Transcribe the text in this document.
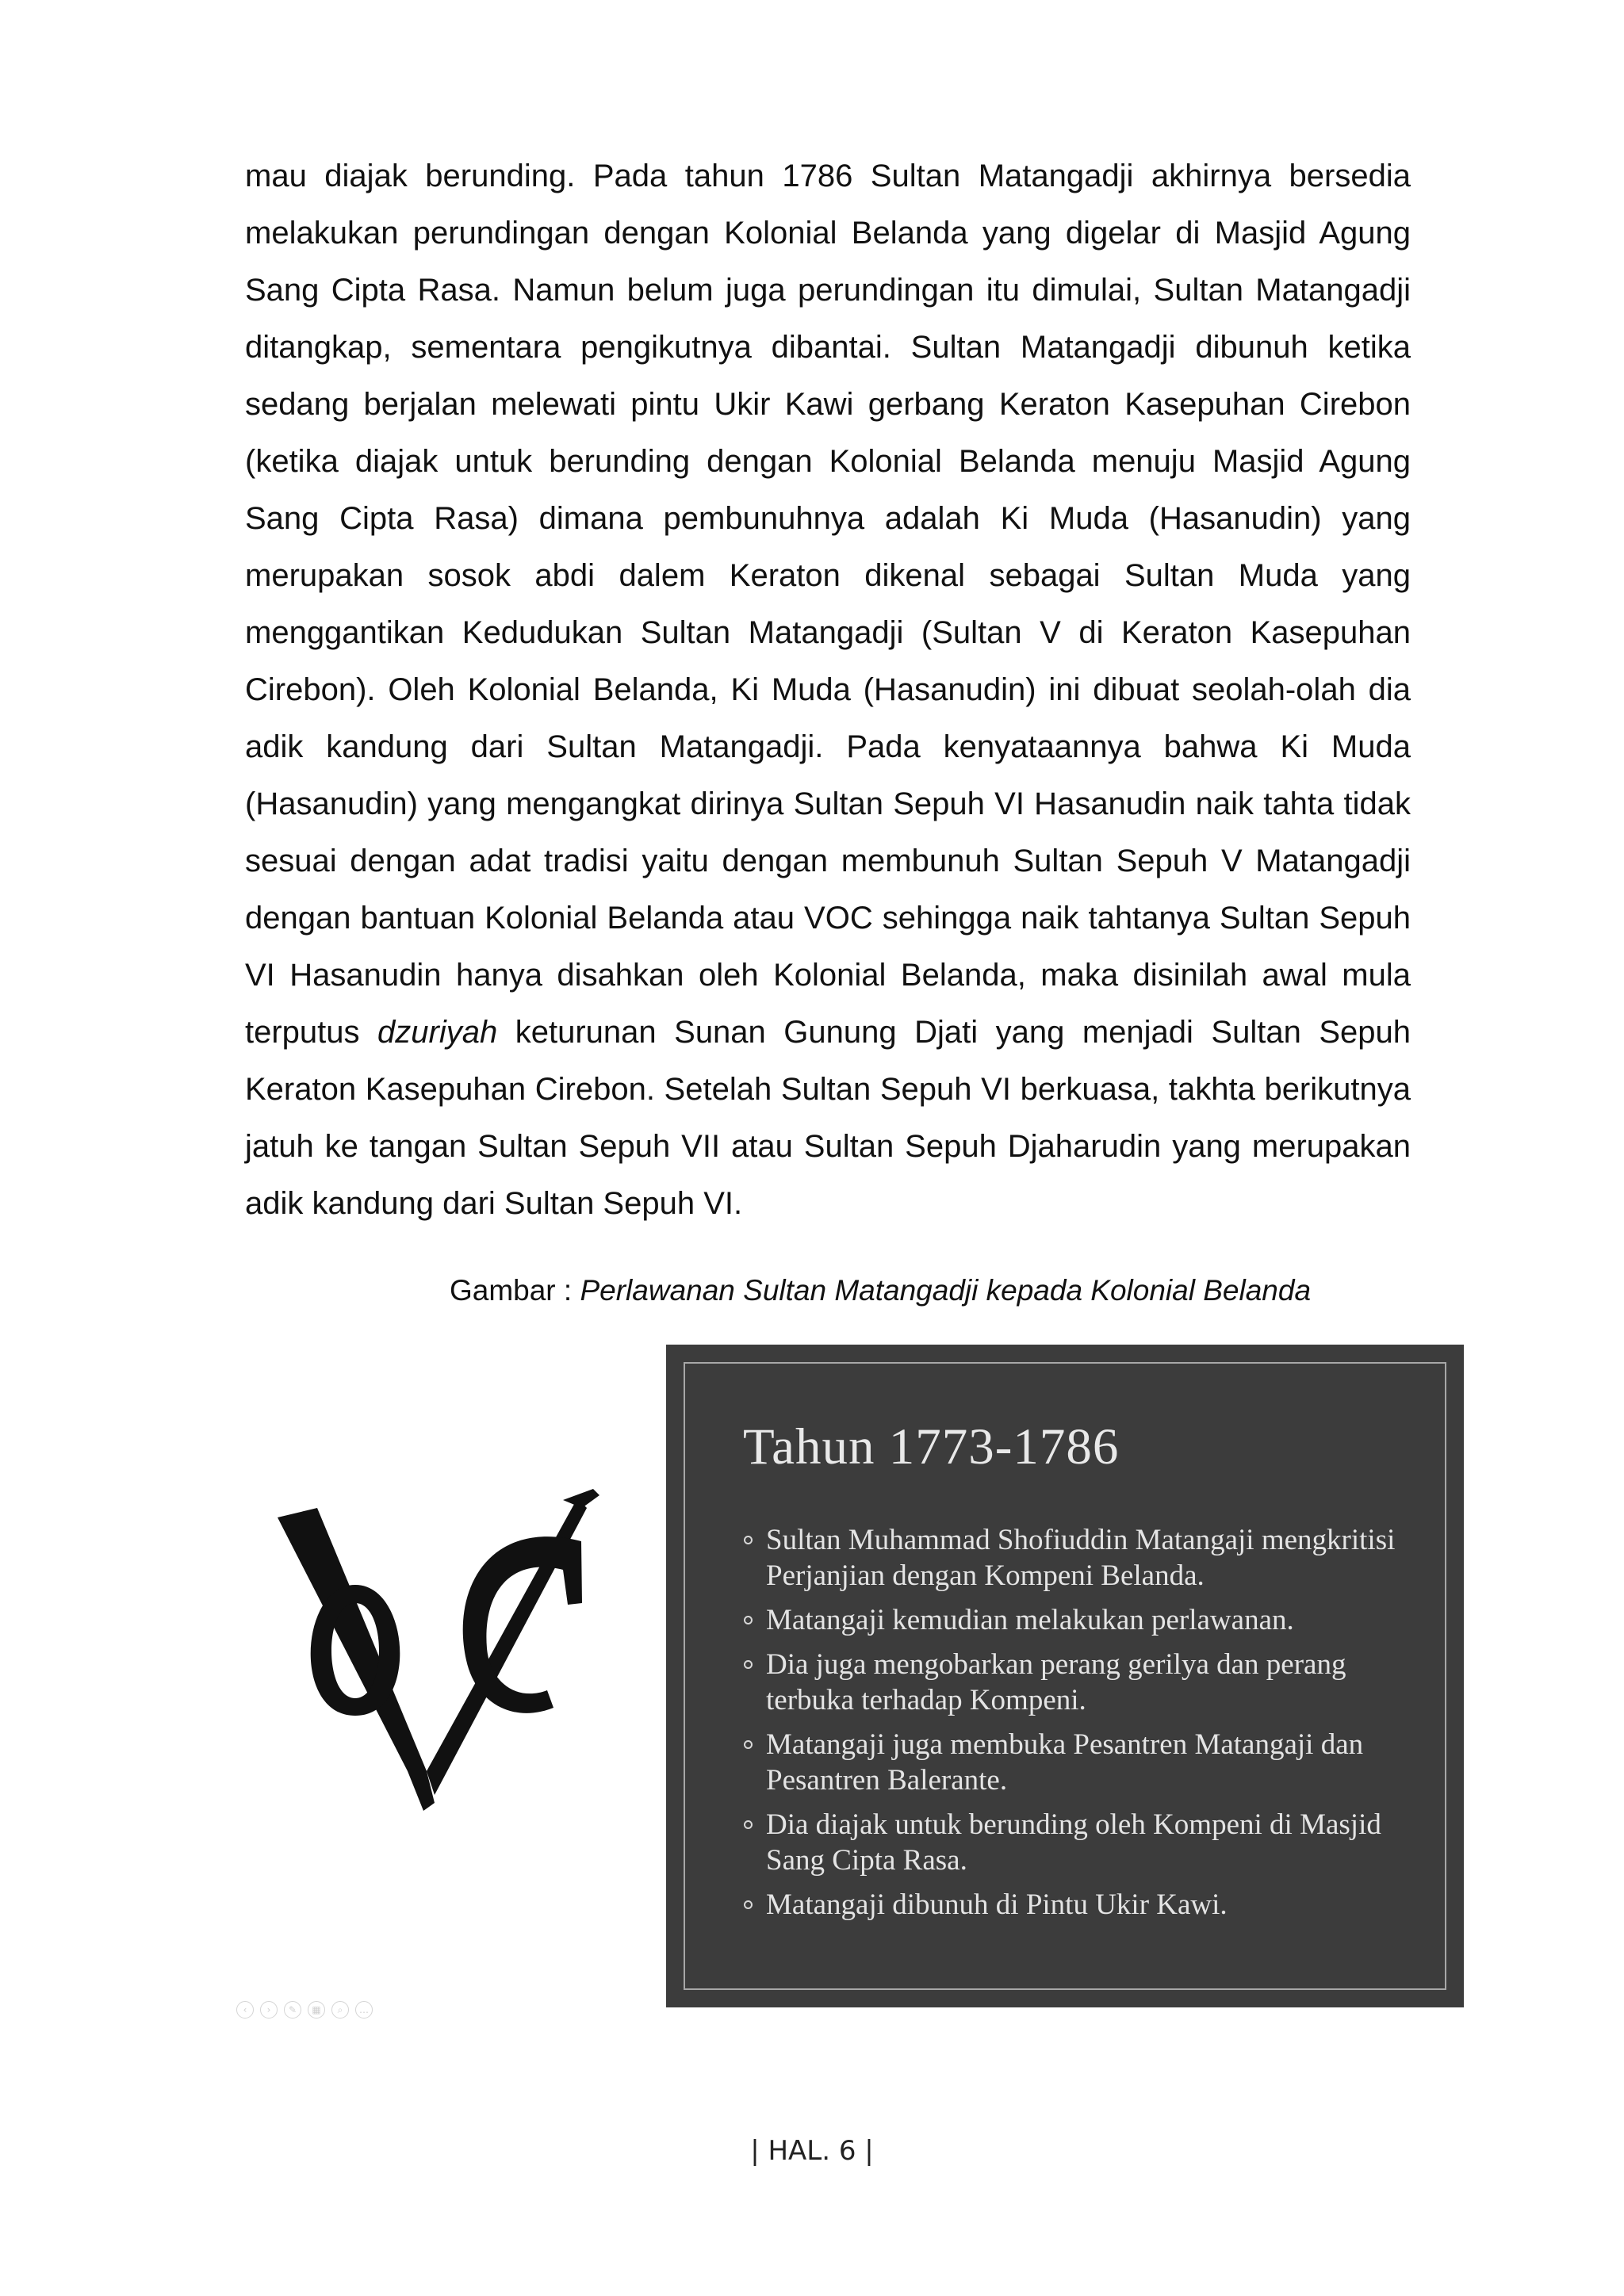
mau diajak berunding. Pada tahun 1786 Sultan Matangadji akhirnya bersedia melakukan perundingan dengan Kolonial Belanda yang digelar di Masjid Agung Sang Cipta Rasa. Namun belum juga perundingan itu dimulai, Sultan Matangadji ditangkap, sementara pengikutnya dibantai. Sultan Matangadji dibunuh ketika sedang berjalan melewati pintu Ukir Kawi gerbang Keraton Kasepuhan Cirebon (ketika diajak untuk berunding dengan Kolonial Belanda menuju Masjid Agung Sang Cipta Rasa) dimana pembunuhnya adalah Ki Muda (Hasanudin) yang merupakan sosok abdi dalem Keraton dikenal sebagai Sultan Muda yang menggantikan Kedudukan Sultan Matangadji (Sultan V di Keraton Kasepuhan Cirebon). Oleh Kolonial Belanda, Ki Muda (Hasanudin) ini dibuat seolah-olah dia adik kandung dari Sultan Matangadji. Pada kenyataannya bahwa Ki Muda (Hasanudin) yang mengangkat dirinya Sultan Sepuh VI Hasanudin naik tahta tidak sesuai dengan adat tradisi yaitu dengan membunuh Sultan Sepuh V Matangadji dengan bantuan Kolonial Belanda atau VOC sehingga naik tahtanya Sultan Sepuh VI Hasanudin hanya disahkan oleh Kolonial Belanda, maka disinilah awal mula terputus dzuriyah keturunan Sunan Gunung Djati yang menjadi Sultan Sepuh Keraton Kasepuhan Cirebon. Setelah Sultan Sepuh VI berkuasa, takhta berikutnya jatuh ke tangan Sultan Sepuh VII atau Sultan Sepuh Djaharudin yang merupakan adik kandung dari Sultan Sepuh VI.
Gambar : Perlawanan Sultan Matangadji kepada Kolonial Belanda
‹	›	✎	▦	⌕	…
Tahun 1773-1786
Sultan Muhammad Shofiuddin Matangaji mengkritisi Perjanjian dengan Kompeni Belanda.
Matangaji kemudian melakukan perlawanan.
Dia juga mengobarkan perang gerilya dan perang terbuka terhadap Kompeni.
Matangaji juga membuka Pesantren Matangaji dan Pesantren Balerante.
Dia diajak untuk berunding oleh Kompeni di Masjid Sang Cipta Rasa.
Matangaji dibunuh di Pintu Ukir Kawi.
| HAL. 6 |
